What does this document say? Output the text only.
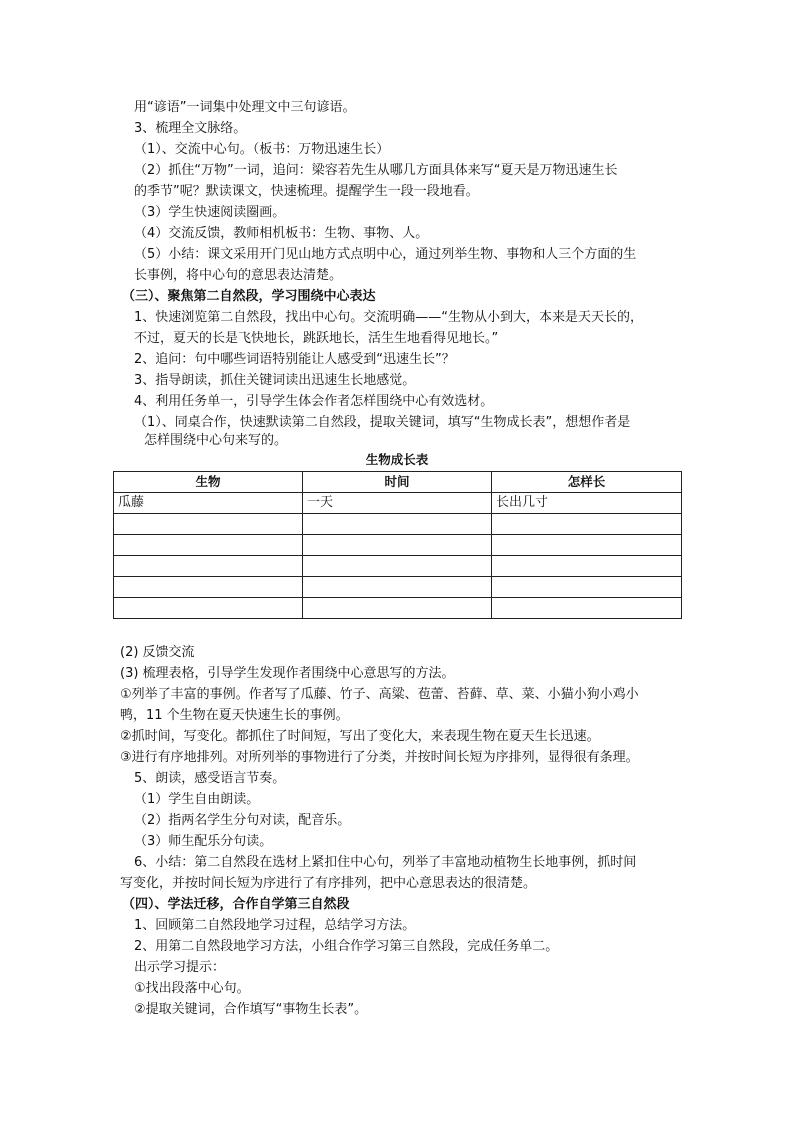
用“谚语”一词集中处理文中三句谚语。
3、梳理全文脉络。
（1）、交流中心句。（板书：万物迅速生长）
（2）抓住“万物”一词，追问：梁容若先生从哪几方面具体来写“夏天是万物迅速生长
的季节”呢？默读课文，快速梳理。提醒学生一段一段地看。
（3）学生快速阅读圈画。
（4）交流反馈，教师相机板书：生物、事物、人。
（5）小结：课文采用开门见山地方式点明中心，通过列举生物、事物和人三个方面的生
长事例，将中心句的意思表达清楚。
（三）、聚焦第二自然段，学习围绕中心表达
1、快速浏览第二自然段，找出中心句。交流明确——“生物从小到大，本来是天天长的，
不过，夏天的长是飞快地长，跳跃地长，活生生地看得见地长。”
2、追问：句中哪些词语特别能让人感受到“迅速生长”？
3、指导朗读，抓住关键词读出迅速生长地感觉。
4、利用任务单一，引导学生体会作者怎样围绕中心有效选材。
（1）、同桌合作，快速默读第二自然段，提取关键词，填写“生物成长表”，想想作者是
怎样围绕中心句来写的。
生物成长表
生物	时间	怎样长
瓜藤	一天	长出几寸

(2) 反馈交流
(3) 梳理表格，引导学生发现作者围绕中心意思写的方法。
①列举了丰富的事例。作者写了瓜藤、竹子、高粱、苞蕾、苔藓、草、菜、小猫小狗小鸡小
鸭，11 个生物在夏天快速生长的事例。
②抓时间，写变化。都抓住了时间短，写出了变化大，来表现生物在夏天生长迅速。
③进行有序地排列。对所列举的事物进行了分类，并按时间长短为序排列，显得很有条理。
5、朗读，感受语言节奏。
（1）学生自由朗读。
（2）指两名学生分句对读，配音乐。
（3）师生配乐分句读。
6、小结：第二自然段在选材上紧扣住中心句，列举了丰富地动植物生长地事例，抓时间
写变化，并按时间长短为序进行了有序排列，把中心意思表达的很清楚。
（四）、学法迁移，合作自学第三自然段
1、回顾第二自然段地学习过程，总结学习方法。
2、用第二自然段地学习方法，小组合作学习第三自然段，完成任务单二。
出示学习提示：
①找出段落中心句。
②提取关键词，合作填写“事物生长表”。
